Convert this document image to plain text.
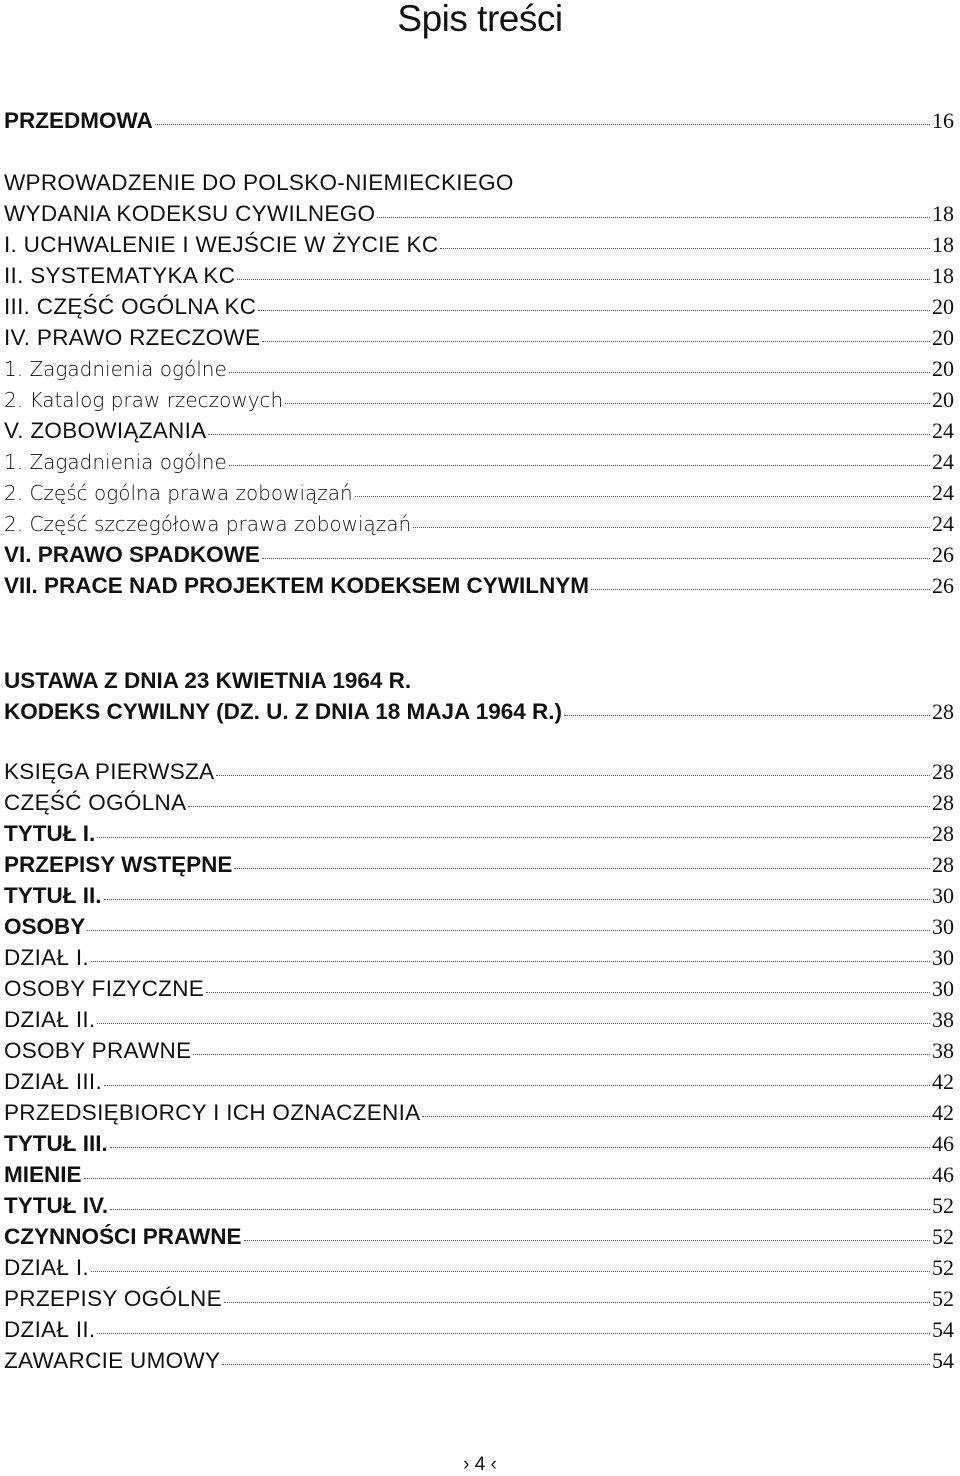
Spis treści
PRZEDMOWA	16
WPROWADZENIE DO POLSKO-NIEMIECKIEGO
WYDANIA KODEKSU CYWILNEGO	18
I. UCHWALENIE I WEJŚCIE W ŻYCIE KC	18
II. SYSTEMATYKA KC	18
III. CZĘŚĆ OGÓLNA KC	20
IV. PRAWO RZECZOWE	20
1. Zagadnienia ogólne	20
2. Katalog praw rzeczowych	20
V. ZOBOWIĄZANIA	24
1. Zagadnienia ogólne	24
2. Część ogólna prawa zobowiązań	24
2. Część szczegółowa prawa zobowiązań	24
VI. PRAWO SPADKOWE	26
VII. PRACE NAD PROJEKTEM KODEKSEM CYWILNYM	26
USTAWA Z DNIA 23 KWIETNIA 1964 R.
KODEKS CYWILNY (DZ. U. Z DNIA 18 MAJA 1964 R.)	28
KSIĘGA PIERWSZA	28
CZĘŚĆ OGÓLNA	28
TYTUŁ I.	28
PRZEPISY WSTĘPNE	28
TYTUŁ II.	30
OSOBY	30
DZIAŁ I.	30
OSOBY FIZYCZNE	30
DZIAŁ II.	38
OSOBY PRAWNE	38
DZIAŁ III.	42
PRZEDSIĘBIORCY I ICH OZNACZENIA	42
TYTUŁ III.	46
MIENIE	46
TYTUŁ IV.	52
CZYNNOŚCI PRAWNE	52
DZIAŁ I.	52
PRZEPISY OGÓLNE	52
DZIAŁ II.	54
ZAWARCIE UMOWY	54
› 4 ‹
